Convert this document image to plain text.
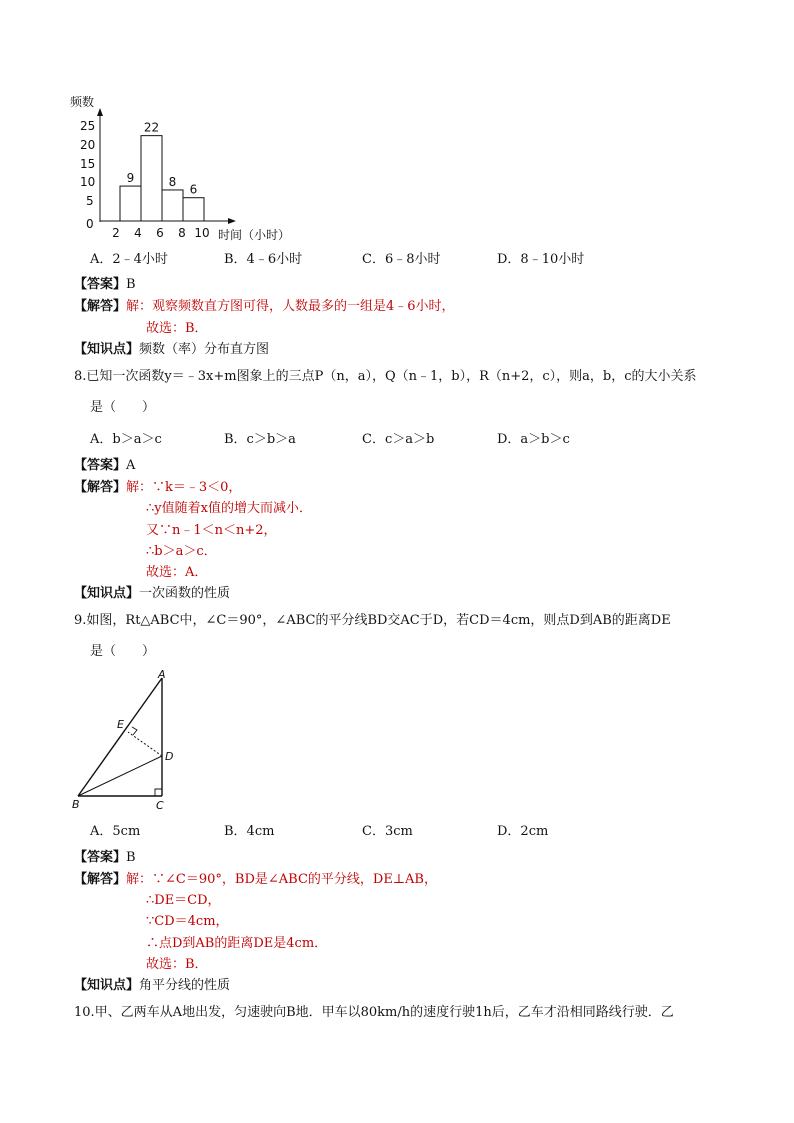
频数
25
20
15
10
5
0
9
22
8
6
2 4 6 8 10 时间（小时）
A．2﹣4小时	B．4﹣6小时	C．6﹣8小时	D．8﹣10小时
【答案】B
【解答】解：观察频数直方图可得，人数最多的一组是4﹣6小时，
故选：B．
【知识点】频数（率）分布直方图
8.已知一次函数y＝﹣3x+m图象上的三点P（n，a），Q（n﹣1，b），R（n+2，c），则a，b，c的大小关系
是（　　）
A．b＞a＞c	B．c＞b＞a	C．c＞a＞b	D．a＞b＞c
【答案】A
【解答】解：∵k＝﹣3＜0，
∴y值随着x值的增大而减小．
又∵n﹣1＜n＜n+2，
∴b＞a＞c．
故选：A．
【知识点】一次函数的性质
9.如图，Rt△ABC中，∠C＝90°，∠ABC的平分线BD交AC于D，若CD＝4cm，则点D到AB的距离DE
是（　　）
A
E
D
B	C
A．5cm	B．4cm	C．3cm	D．2cm
【答案】B
【解答】解：∵∠C＝90°，BD是∠ABC的平分线，DE⊥AB，
∴DE＝CD，
∵CD＝4cm，
∴点D到AB的距离DE是4cm．
故选：B．
【知识点】角平分线的性质
10.甲、乙两车从A地出发，匀速驶向B地．甲车以80km/h的速度行驶1h后，乙车才沿相同路线行驶．乙
